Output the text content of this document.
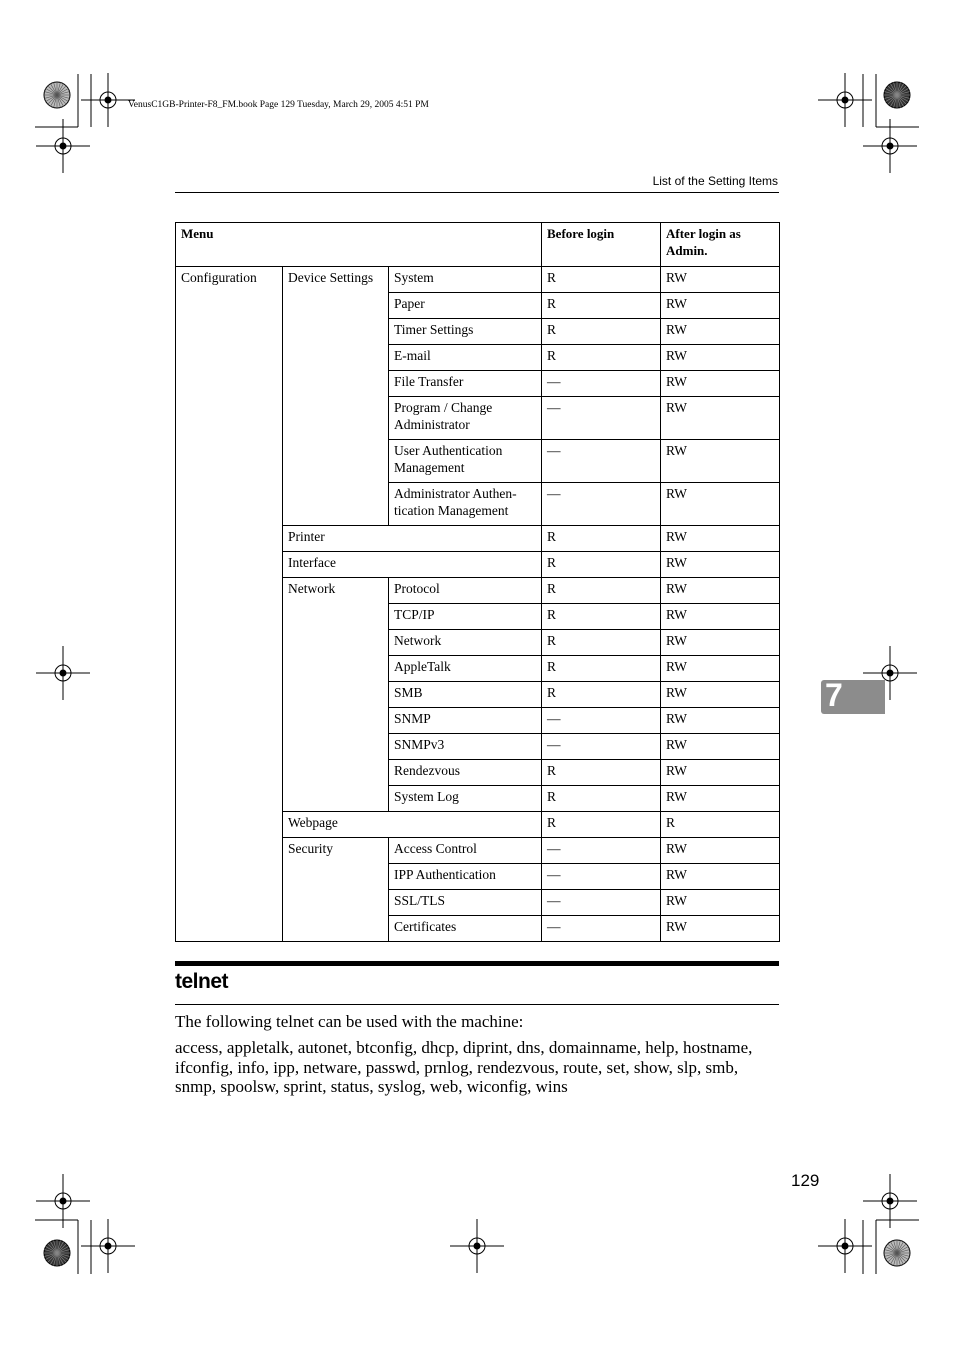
VenusC1GB-Printer-F8_FM.book Page 129 Tuesday, March 29, 2005 4:51 PM
List of the Setting Items
Menu			Before login	After login as Admin.
Configuration	Device Settings	System	R	RW
		Paper	R	RW
		Timer Settings	R	RW
		E-mail	R	RW
		File Transfer	—	RW
		Program / Change Administrator	—	RW
		User Authentication Management	—	RW
		Administrator Authen-tication Management	—	RW
	Printer		R	RW
	Interface		R	RW
	Network	Protocol	R	RW
		TCP/IP	R	RW
		Network	R	RW
		AppleTalk	R	RW
		SMB	R	RW
		SNMP	—	RW
		SNMPv3	—	RW
		Rendezvous	R	RW
		System Log	R	RW
	Webpage		R	R
	Security	Access Control	—	RW
		IPP Authentication	—	RW
		SSL/TLS	—	RW
		Certificates	—	RW
telnet
The following telnet can be used with the machine:
access, appletalk, autonet, btconfig, dhcp, diprint, dns, domainname, help, hostname, ifconfig, info, ipp, netware, passwd, prnlog, rendezvous, route, set, show, slp, smb, snmp, spoolsw, sprint, status, syslog, web, wiconfig, wins
7
129
